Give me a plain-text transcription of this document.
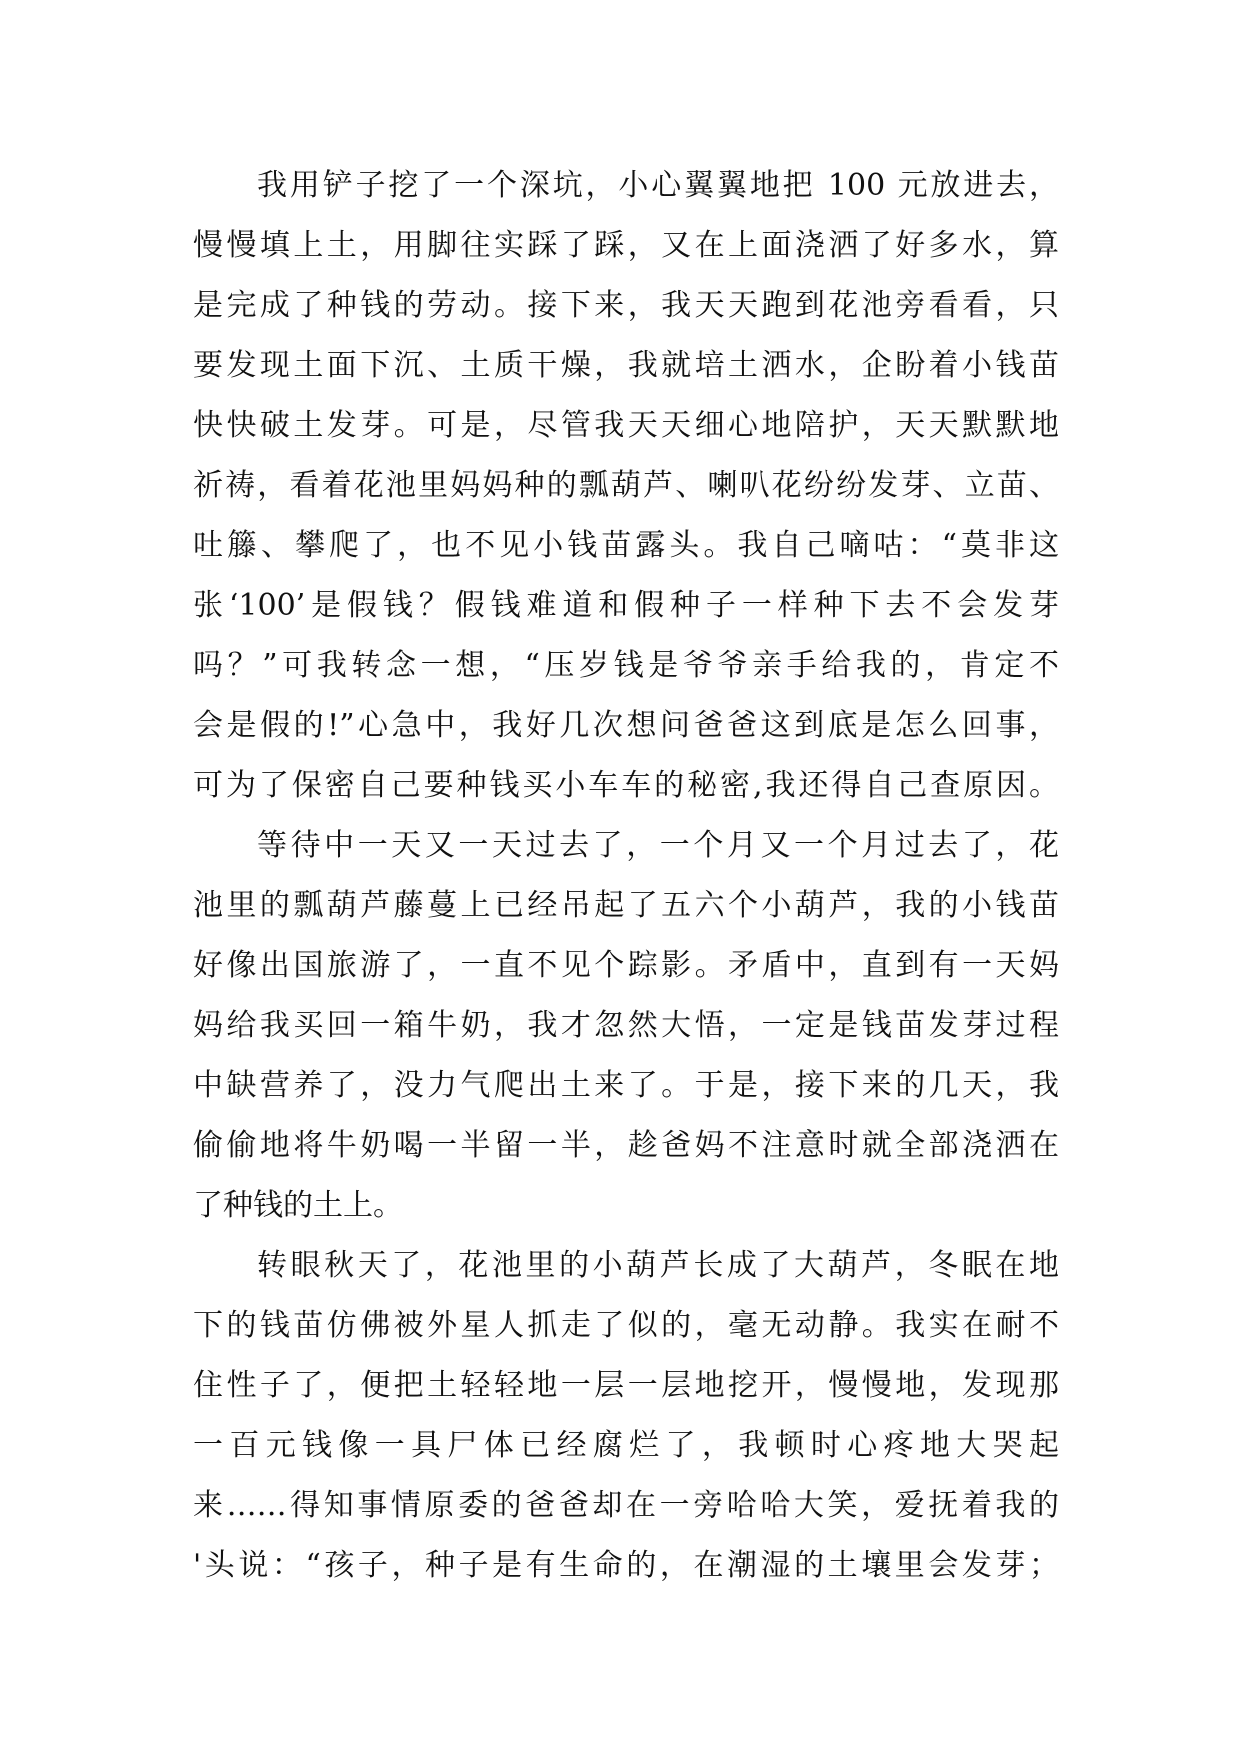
我用铲子挖了一个深坑，小心翼翼地把 100 元放进去，
慢慢填上土，用脚往实踩了踩，又在上面浇洒了好多水，算
是完成了种钱的劳动。接下来，我天天跑到花池旁看看，只
要发现土面下沉、土质干燥，我就培土洒水，企盼着小钱苗
快快破土发芽。可是，尽管我天天细心地陪护，天天默默地
祈祷，看着花池里妈妈种的瓢葫芦、喇叭花纷纷发芽、立苗、
吐籐、攀爬了，也不见小钱苗露头。我自己嘀咕：“莫非这
张‘100’是假钱？假钱难道和假种子一样种下去不会发芽
吗？”可我转念一想，“压岁钱是爷爷亲手给我的，肯定不
会是假的!”心急中，我好几次想问爸爸这到底是怎么回事，
可为了保密自己要种钱买小车车的秘密,我还得自己查原因。
等待中一天又一天过去了，一个月又一个月过去了，花
池里的瓢葫芦藤蔓上已经吊起了五六个小葫芦，我的小钱苗
好像出国旅游了，一直不见个踪影。矛盾中，直到有一天妈
妈给我买回一箱牛奶，我才忽然大悟，一定是钱苗发芽过程
中缺营养了，没力气爬出土来了。于是，接下来的几天，我
偷偷地将牛奶喝一半留一半，趁爸妈不注意时就全部浇洒在
了种钱的土上。
转眼秋天了，花池里的小葫芦长成了大葫芦，冬眠在地
下的钱苗仿佛被外星人抓走了似的，毫无动静。我实在耐不
住性子了，便把土轻轻地一层一层地挖开，慢慢地，发现那
一百元钱像一具尸体已经腐烂了，我顿时心疼地大哭起
来……得知事情原委的爸爸却在一旁哈哈大笑，爱抚着我的
'头说：“孩子，种子是有生命的，在潮湿的土壤里会发芽；
